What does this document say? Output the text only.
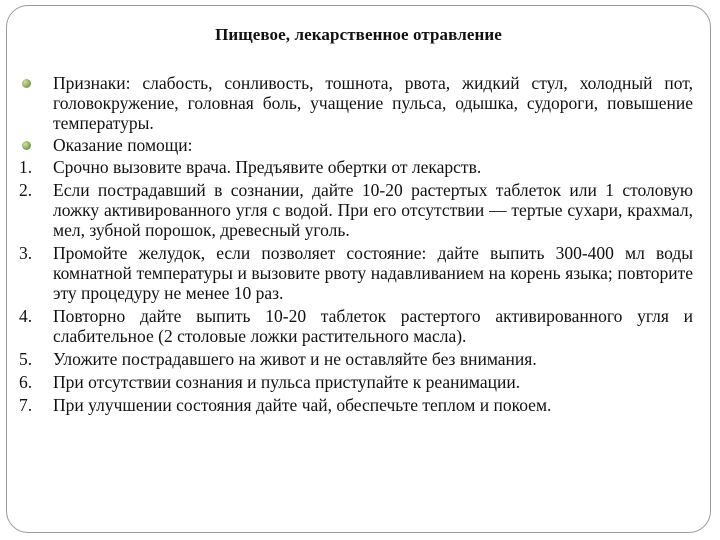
Пищевое, лекарственное отравление
Признаки: слабость, сонливость, тошнота, рвота, жидкий стул, холодный пот, головокружение, головная боль, учащение пульса, одышка, судороги, повышение температуры.
Оказание помощи:
1. Срочно вызовите врача. Предъявите обертки от лекарств.
2. Если пострадавший в сознании, дайте 10-20 растертых таблеток или 1 столовую ложку активированного угля с водой. При его отсутствии — тертые сухари, крахмал, мел, зубной порошок, древесный уголь.
3. Промойте желудок, если позволяет состояние: дайте выпить 300-400 мл воды комнатной температуры и вызовите рвоту надавливанием на корень языка; повторите эту процедуру не менее 10 раз.
4. Повторно дайте выпить 10-20 таблеток растертого активированного угля и слабительное (2 столовые ложки растительного масла).
5. Уложите пострадавшего на живот и не оставляйте без внимания.
6. При отсутствии сознания и пульса приступайте к реанимации.
7. При улучшении состояния дайте чай, обеспечьте теплом и покоем.
